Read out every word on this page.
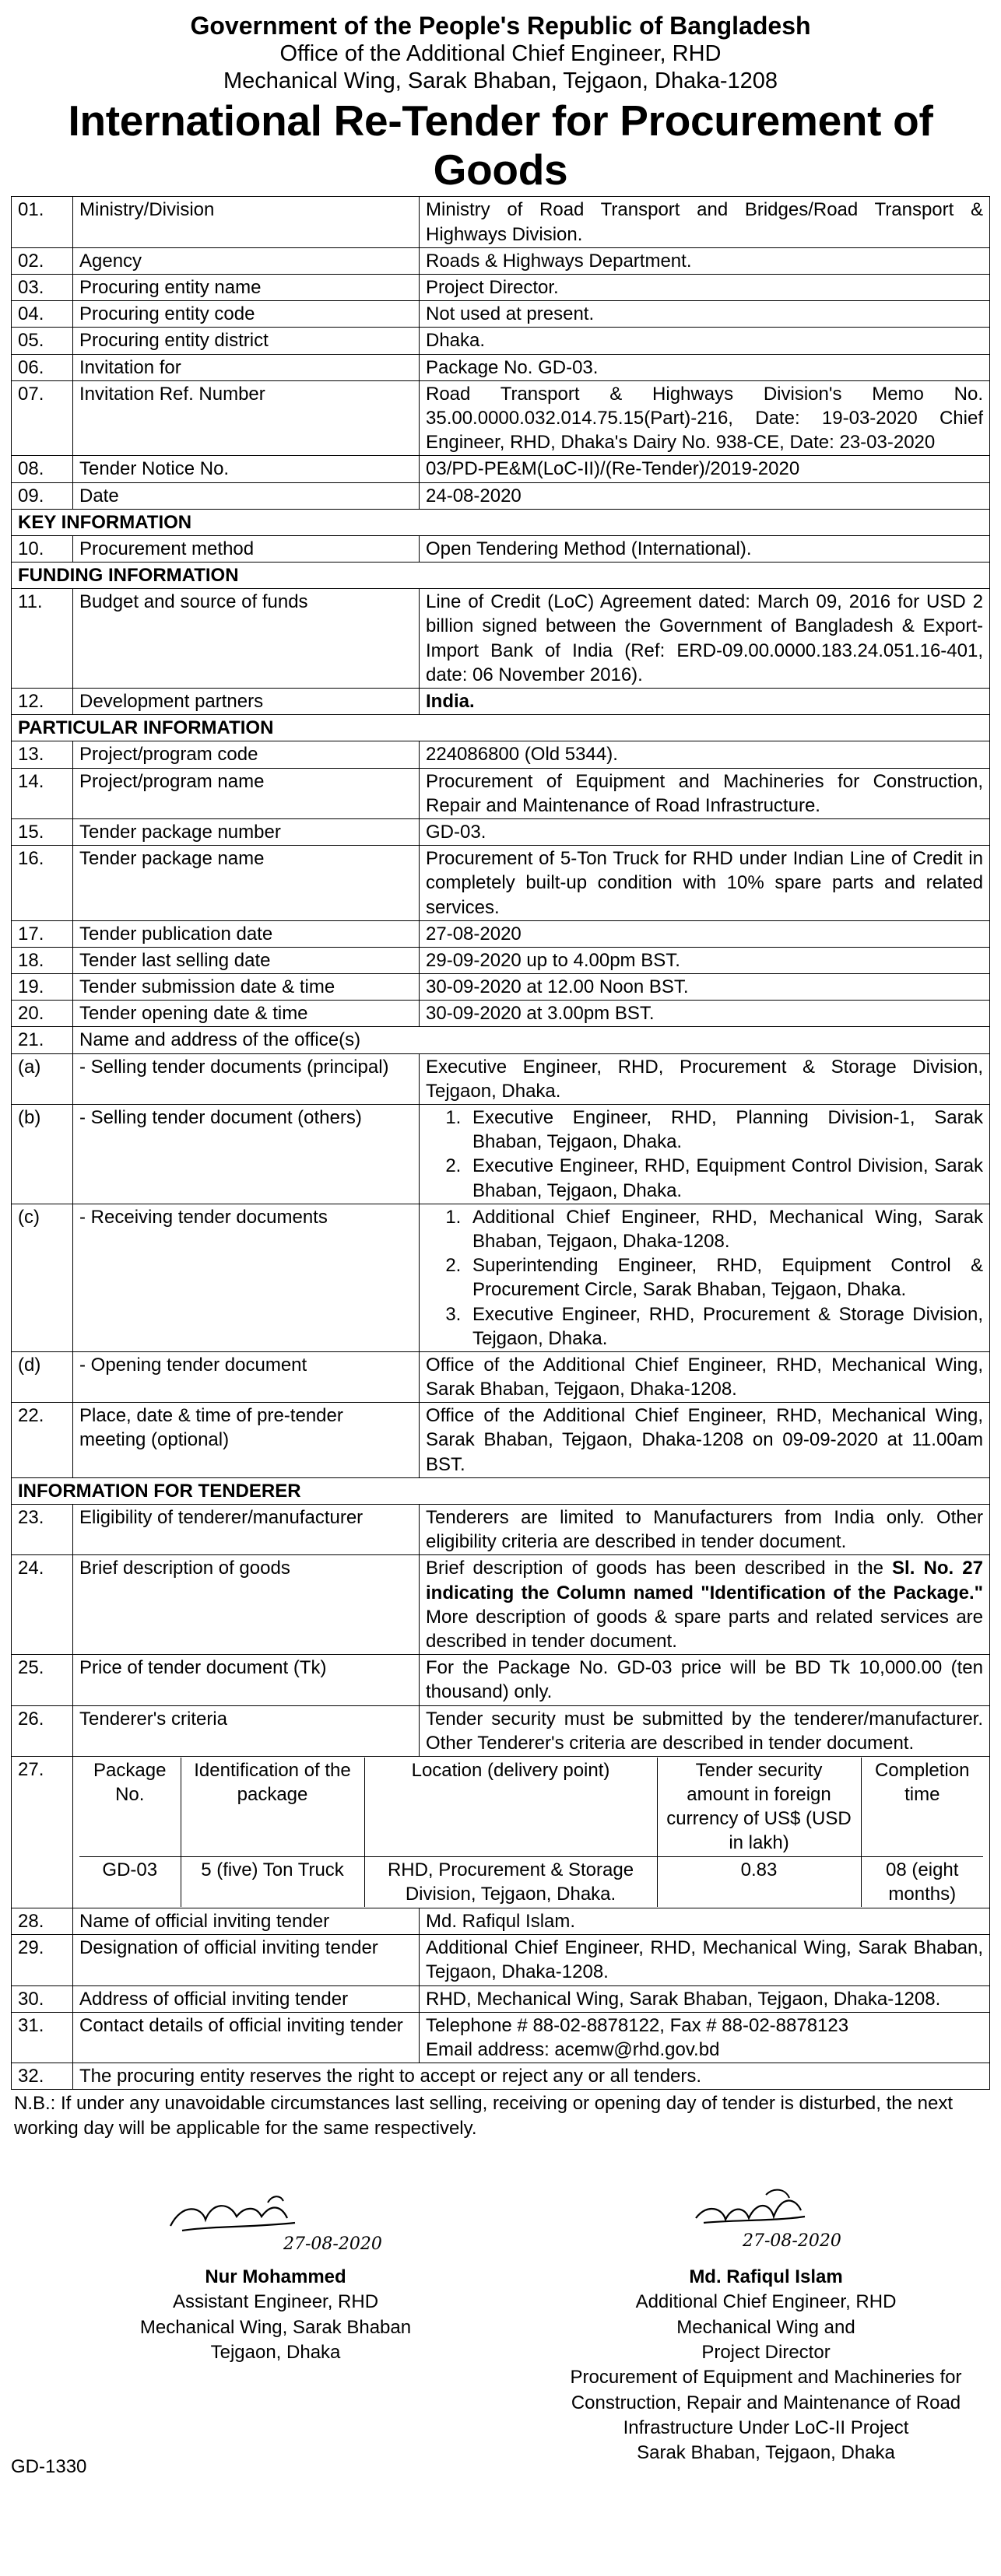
Government of the People's Republic of Bangladesh
Office of the Additional Chief Engineer, RHD
Mechanical Wing, Sarak Bhaban, Tejgaon, Dhaka-1208
International Re-Tender for Procurement of Goods
01.	Ministry/Division	Ministry of Road Transport and Bridges/Road Transport & Highways Division.
02.	Agency	Roads & Highways Department.
03.	Procuring entity name	Project Director.
04.	Procuring entity code	Not used at present.
05.	Procuring entity district	Dhaka.
06.	Invitation for	Package No. GD-03.
07.	Invitation Ref. Number	Road Transport & Highways Division's Memo No. 35.00.0000.032.014.75.15(Part)-216, Date: 19-03-2020 Chief Engineer, RHD, Dhaka's Dairy No. 938-CE, Date: 23-03-2020
08.	Tender Notice No.	03/PD-PE&M(LoC-II)/(Re-Tender)/2019-2020
09.	Date	24-08-2020
KEY INFORMATION
10.	Procurement method	Open Tendering Method (International).
FUNDING INFORMATION
11.	Budget and source of funds	Line of Credit (LoC) Agreement dated: March 09, 2016 for USD 2 billion signed between the Government of Bangladesh & Export-Import Bank of India (Ref: ERD-09.00.0000.183.24.051.16-401, date: 06 November 2016).
12.	Development partners	India.
PARTICULAR INFORMATION
13.	Project/program code	224086800 (Old 5344).
14.	Project/program name	Procurement of Equipment and Machineries for Construction, Repair and Maintenance of Road Infrastructure.
15.	Tender package number	GD-03.
16.	Tender package name	Procurement of 5-Ton Truck for RHD under Indian Line of Credit in completely built-up condition with 10% spare parts and related services.
17.	Tender publication date	27-08-2020
18.	Tender last selling date	29-09-2020 up to 4.00pm BST.
19.	Tender submission date & time	30-09-2020 at 12.00 Noon BST.
20.	Tender opening date & time	30-09-2020 at 3.00pm BST.
21.	Name and address of the office(s)
(a)	- Selling tender documents (principal)	Executive Engineer, RHD, Procurement & Storage Division, Tejgaon, Dhaka.
(b)	- Selling tender document (others)	
1.Executive Engineer, RHD, Planning Division-1, Sarak Bhaban, Tejgaon, Dhaka.
2. Executive Engineer, RHD, Equipment Control Division, Sarak Bhaban, Tejgaon, Dhaka.

(c)	- Receiving tender documents	
1.Additional Chief Engineer, RHD, Mechanical Wing, Sarak Bhaban, Tejgaon, Dhaka-1208.
2. Superintending Engineer, RHD, Equipment Control & Procurement Circle, Sarak Bhaban, Tejgaon, Dhaka.
3. Executive Engineer, RHD, Procurement & Storage Division, Tejgaon, Dhaka.

(d)	- Opening tender document	Office of the Additional Chief Engineer, RHD, Mechanical Wing, Sarak Bhaban, Tejgaon, Dhaka-1208.
22.	Place, date & time of pre-tender meeting (optional)	Office of the Additional Chief Engineer, RHD, Mechanical Wing, Sarak Bhaban, Tejgaon, Dhaka-1208 on 09-09-2020 at 11.00am BST.
INFORMATION FOR TENDERER
23.	Eligibility of tenderer/manufacturer	Tenderers are limited to Manufacturers from India only. Other eligibility criteria are described in tender document.
24.	Brief description of goods	Brief description of goods has been described in the Sl. No. 27 indicating the Column named "Identification of the Package." More description of goods & spare parts and related services are described in tender document.
25.	Price of tender document (Tk)	For the Package No. GD-03 price will be BD Tk 10,000.00 (ten thousand) only.
26.	Tenderer's criteria	Tender security must be submitted by the tenderer/manufacturer. Other Tenderer's criteria are described in tender document.
27.		Package No.	Identification of the package	Location (delivery point)	Tender security amount in foreign currency of US$ (USD in lakh)	Completion time
GD-03	5 (five) Ton Truck	RHD, Procurement & Storage Division, Tejgaon, Dhaka.	0.83	08 (eight months)

28.	Name of official inviting tender	Md. Rafiqul Islam.
29.	Designation of official inviting tender	Additional Chief Engineer, RHD, Mechanical Wing, Sarak Bhaban, Tejgaon, Dhaka-1208.
30.	Address of official inviting tender	RHD, Mechanical Wing, Sarak Bhaban, Tejgaon, Dhaka-1208.
31.	Contact details of official inviting tender	Telephone # 88-02-8878122, Fax # 88-02-8878123
Email address: acemw@rhd.gov.bd

32.	The procuring entity reserves the right to accept or reject any or all tenders.
N.B.: If under any unavoidable circumstances last selling, receiving or opening day of tender is disturbed, the next working day will be applicable for the same respectively.
27-08-2020
Nur Mohammed
Assistant Engineer, RHD
Mechanical Wing, Sarak Bhaban
Tejgaon, Dhaka
27-08-2020
Md. Rafiqul Islam
Additional Chief Engineer, RHD
Mechanical Wing and
Project Director
Procurement of Equipment and Machineries for
Construction, Repair and Maintenance of Road
Infrastructure Under LoC-II Project
Sarak Bhaban, Tejgaon, Dhaka
GD-1330
